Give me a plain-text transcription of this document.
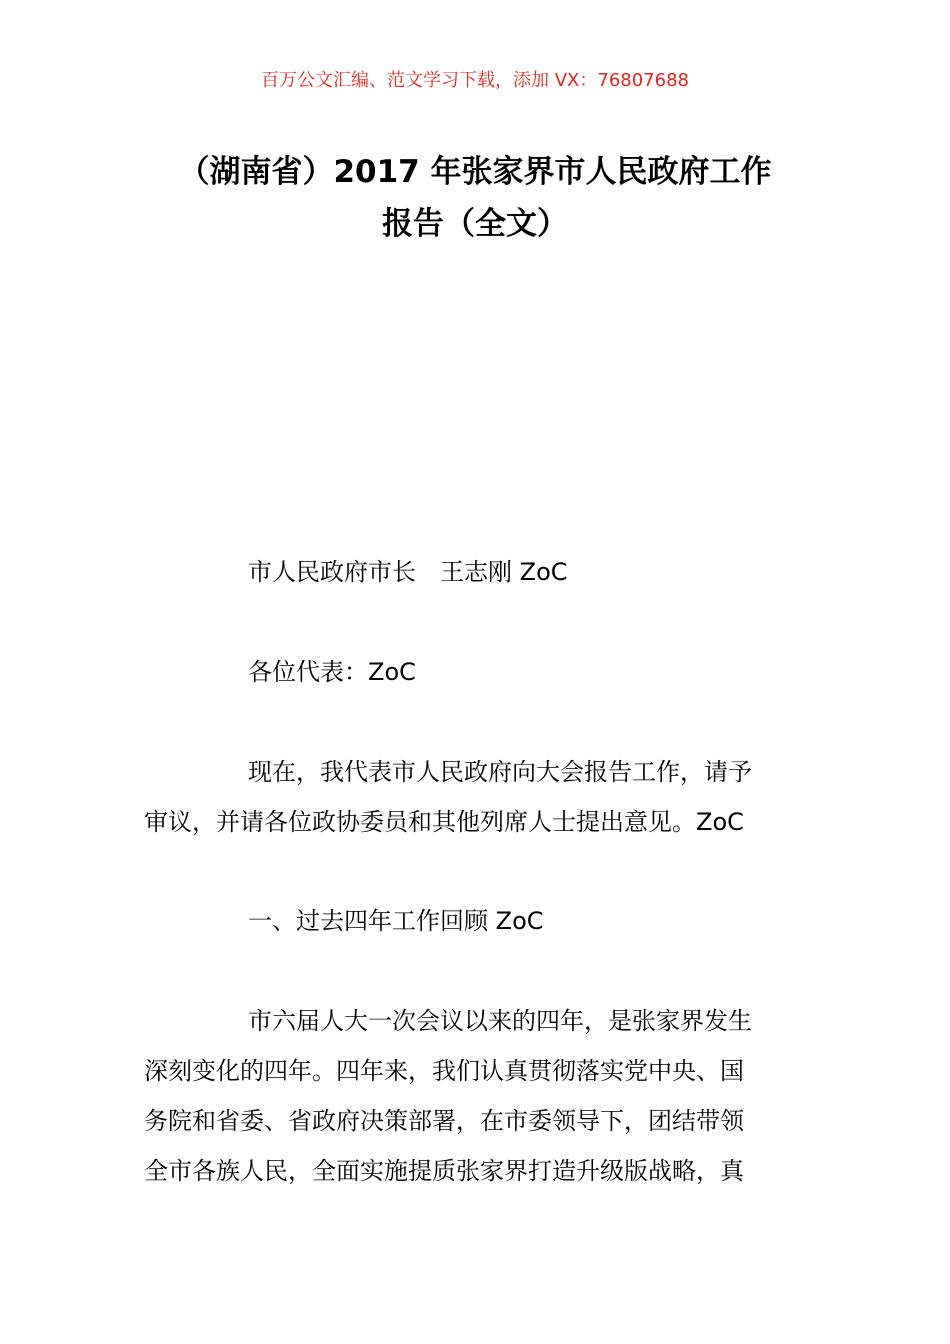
百万公文汇编、范文学习下载，添加 VX：76807688
（湖南省）2017 年张家界市人民政府工作
报告（全文）
市人民政府市长　王志刚 ZoC
各位代表：ZoC
现在，我代表市人民政府向大会报告工作，请予
审议，并请各位政协委员和其他列席人士提出意见。ZoC
一、过去四年工作回顾 ZoC
市六届人大一次会议以来的四年，是张家界发生
深刻变化的四年。四年来，我们认真贯彻落实党中央、国
务院和省委、省政府决策部署，在市委领导下，团结带领
全市各族人民，全面实施提质张家界打造升级版战略，真
